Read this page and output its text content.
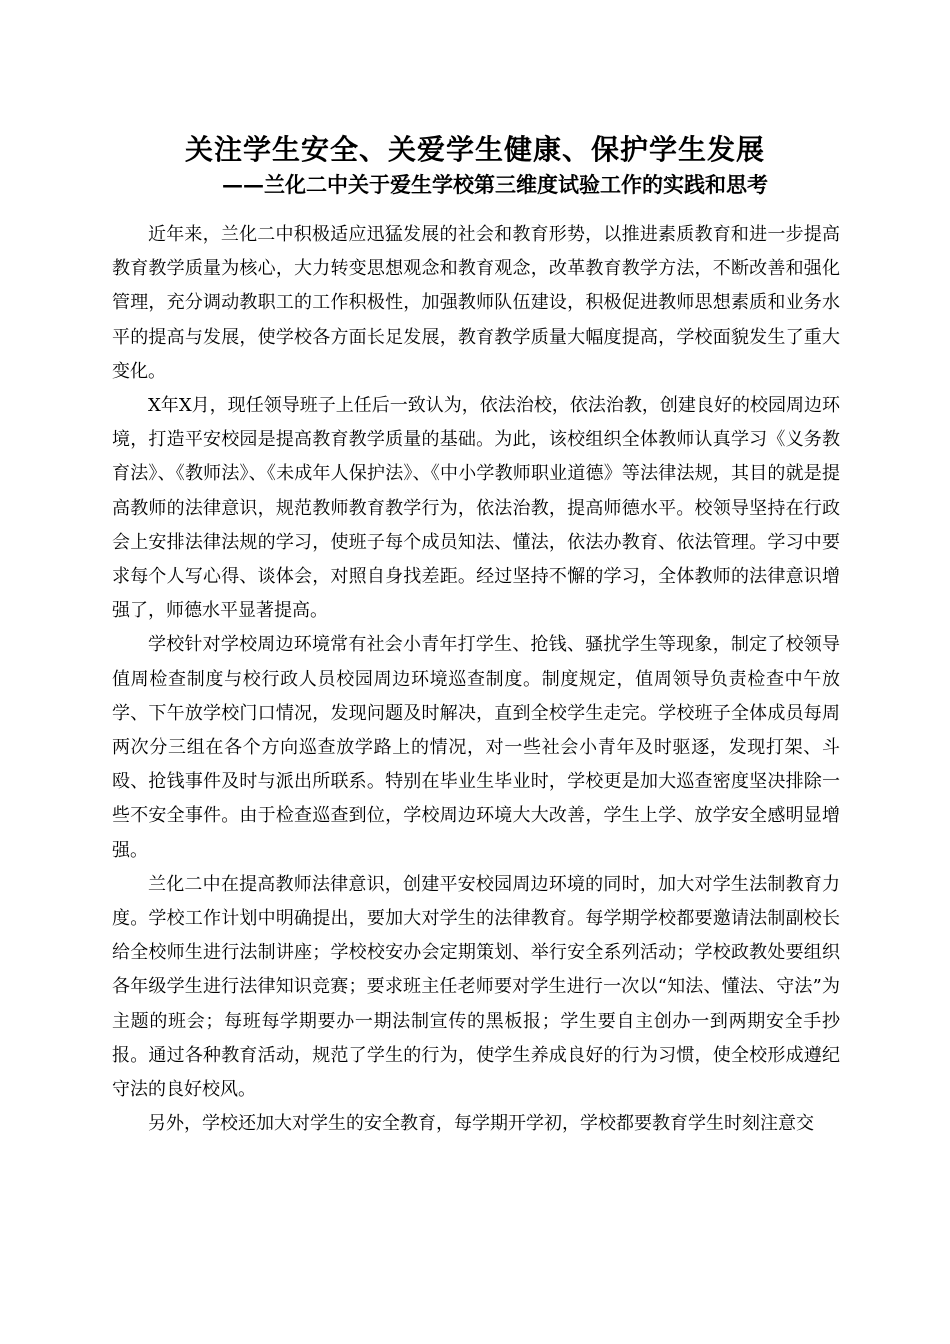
关注学生安全、关爱学生健康、保护学生发展
——兰化二中关于爱生学校第三维度试验工作的实践和思考

近年来，兰化二中积极适应迅猛发展的社会和教育形势，以推进素质教育和进一步提高教育教学质量为核心，大力转变思想观念和教育观念，改革教育教学方法，不断改善和强化管理，充分调动教职工的工作积极性，加强教师队伍建设，积极促进教师思想素质和业务水平的提高与发展，使学校各方面长足发展，教育教学质量大幅度提高，学校面貌发生了重大变化。

X年X月，现任领导班子上任后一致认为，依法治校，依法治教，创建良好的校园周边环境，打造平安校园是提高教育教学质量的基础。为此，该校组织全体教师认真学习《义务教育法》、《教师法》、《未成年人保护法》、《中小学教师职业道德》等法律法规，其目的就是提高教师的法律意识，规范教师教育教学行为，依法治教，提高师德水平。校领导坚持在行政会上安排法律法规的学习，使班子每个成员知法、懂法，依法办教育、依法管理。学习中要求每个人写心得、谈体会，对照自身找差距。经过坚持不懈的学习，全体教师的法律意识增强了，师德水平显著提高。

学校针对学校周边环境常有社会小青年打学生、抢钱、骚扰学生等现象，制定了校领导值周检查制度与校行政人员校园周边环境巡查制度。制度规定，值周领导负责检查中午放学、下午放学校门口情况，发现问题及时解决，直到全校学生走完。学校班子全体成员每周两次分三组在各个方向巡查放学路上的情况，对一些社会小青年及时驱逐，发现打架、斗殴、抢钱事件及时与派出所联系。特别在毕业生毕业时，学校更是加大巡查密度坚决排除一些不安全事件。由于检查巡查到位，学校周边环境大大改善，学生上学、放学安全感明显增强。

兰化二中在提高教师法律意识，创建平安校园周边环境的同时，加大对学生法制教育力度。学校工作计划中明确提出，要加大对学生的法律教育。每学期学校都要邀请法制副校长给全校师生进行法制讲座；学校校安办会定期策划、举行安全系列活动；学校政教处要组织各年级学生进行法律知识竞赛；要求班主任老师要对学生进行一次以“知法、懂法、守法”为主题的班会；每班每学期要办一期法制宣传的黑板报；学生要自主创办一到两期安全手抄报。通过各种教育活动，规范了学生的行为，使学生养成良好的行为习惯，使全校形成遵纪守法的良好校风。

另外，学校还加大对学生的安全教育，每学期开学初，学校都要教育学生时刻注意交
